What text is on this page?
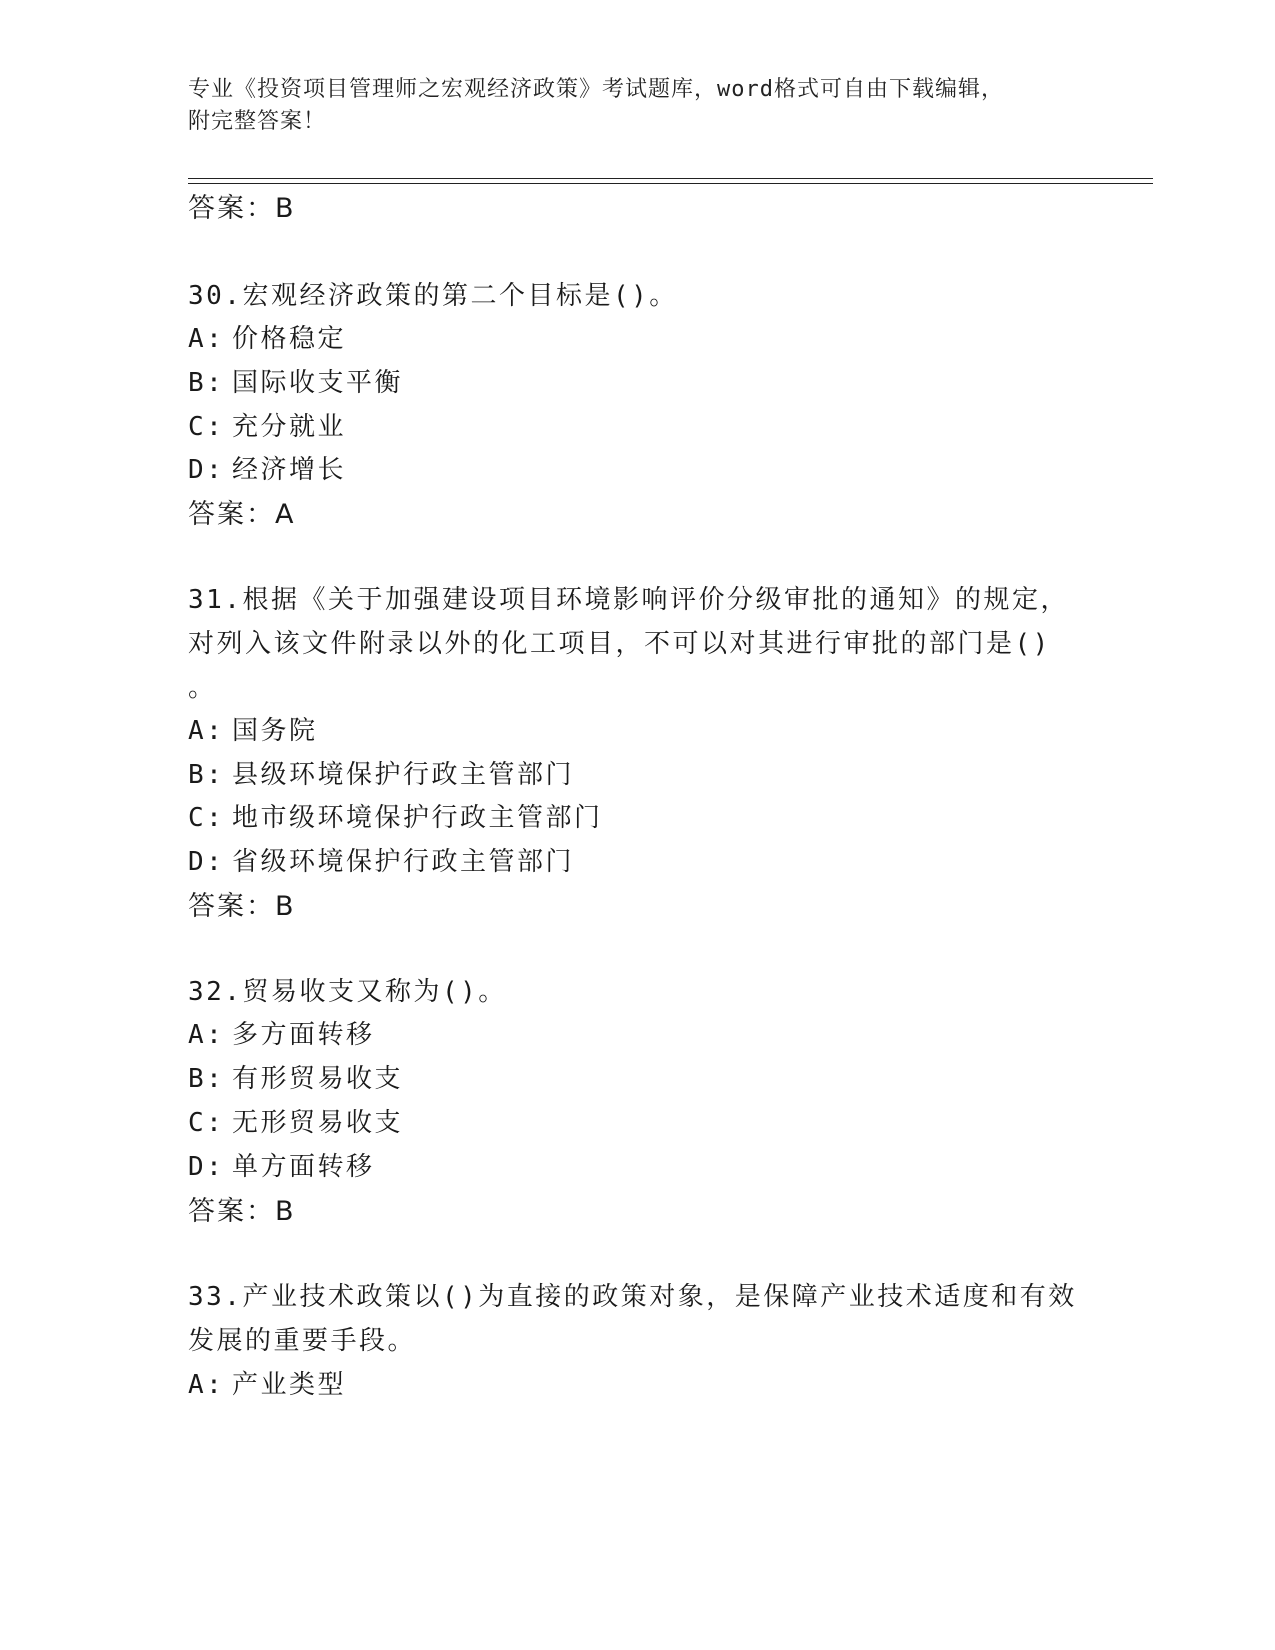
专业《投资项目管理师之宏观经济政策》考试题库，word格式可自由下载编辑，
附完整答案！
答案：B
30.宏观经济政策的第二个目标是()。
A: 价格稳定
B: 国际收支平衡
C: 充分就业
D: 经济增长
答案：A
31.根据《关于加强建设项目环境影响评价分级审批的通知》的规定，
对列入该文件附录以外的化工项目，不可以对其进行审批的部门是()
。
A: 国务院
B: 县级环境保护行政主管部门
C: 地市级环境保护行政主管部门
D: 省级环境保护行政主管部门
答案：B
32.贸易收支又称为()。
A: 多方面转移
B: 有形贸易收支
C: 无形贸易收支
D: 单方面转移
答案：B
33.产业技术政策以()为直接的政策对象，是保障产业技术适度和有效
发展的重要手段。
A: 产业类型
